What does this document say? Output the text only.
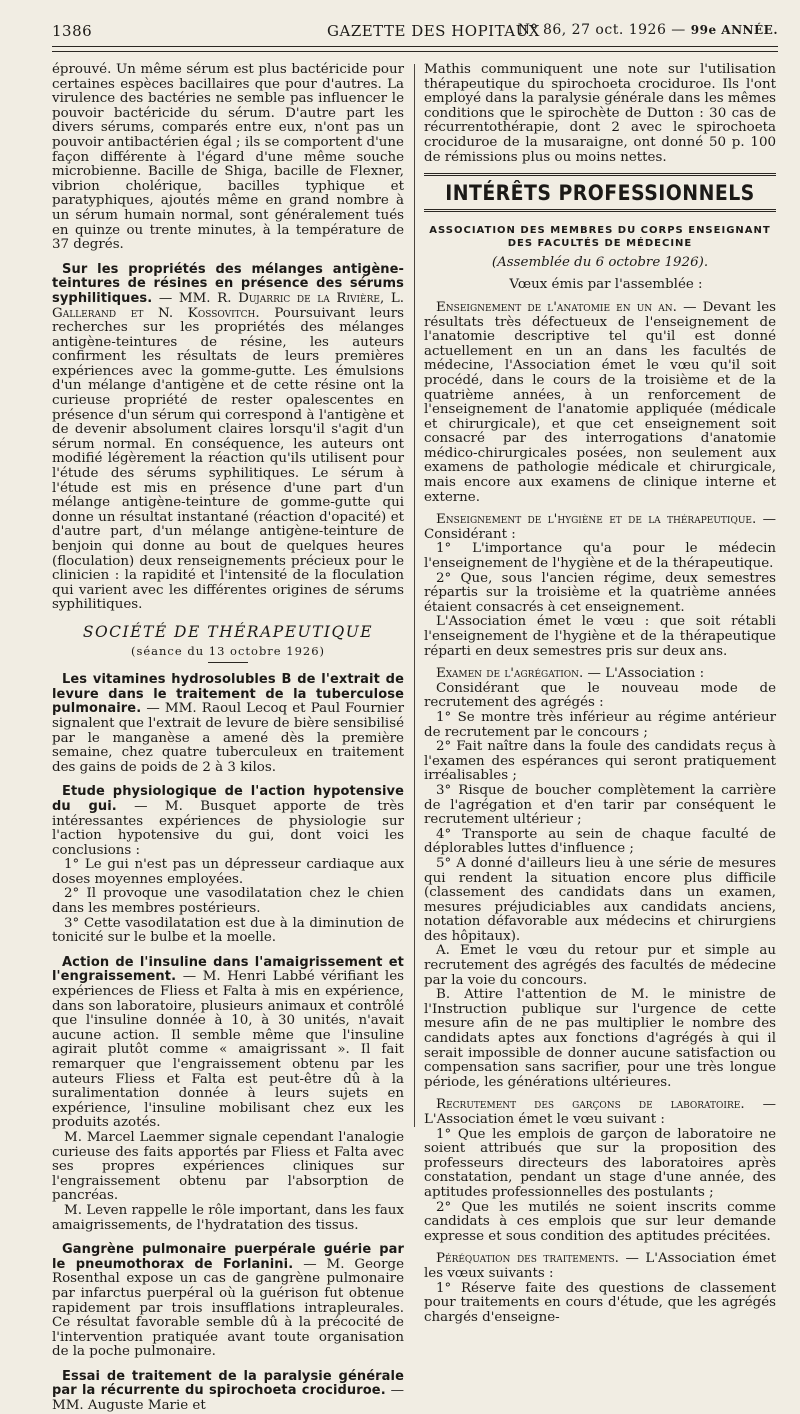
1386	GAZETTE DES HOPITAUX
N° 86, 27 oct. 1926 — 99e ANNÉE.

éprouvé. Un même sérum est plus bactéricide pour certaines espèces bacillaires que pour d'autres. La virulence des bactéries ne semble pas influencer le pouvoir bactéricide du sérum. D'autre part les divers sérums, comparés entre eux, n'ont pas un pouvoir antibactérien égal ; ils se comportent d'une façon différente à l'égard d'une même souche microbienne. Bacille de Shiga, bacille de Flexner, vibrion cholérique, bacilles typhique et paratyphiques, ajoutés même en grand nombre à un sérum humain normal, sont généralement tués en quinze ou trente minutes, à la température de 37 degrés.

Sur les propriétés des mélanges antigène-teintures de résines en présence des sérums syphilitiques. — MM. R. Dujarric de la Rivière, L. Gallerand et N. Kossovitch. Poursuivant leurs recherches sur les propriétés des mélanges antigène-teintures de résine, les auteurs confirment les résultats de leurs premières expériences avec la gomme-gutte. Les émulsions d'un mélange d'antigène et de cette résine ont la curieuse propriété de rester opalescentes en présence d'un sérum qui correspond à l'antigène et de devenir absolument claires lorsqu'il s'agit d'un sérum normal. En conséquence, les auteurs ont modifié légèrement la réaction qu'ils utilisent pour l'étude des sérums syphilitiques. Le sérum à l'étude est mis en présence d'une part d'un mélange antigène-teinture de gomme-gutte qui donne un résultat instantané (réaction d'opacité) et d'autre part, d'un mélange antigène-teinture de benjoin qui donne au bout de quelques heures (floculation) deux renseignements précieux pour le clinicien : la rapidité et l'intensité de la floculation qui varient avec les différentes origines de sérums syphilitiques.

SOCIÉTÉ DE THÉRAPEUTIQUE
(séance du 13 octobre 1926)

Les vitamines hydrosolubles B de l'extrait de levure dans le traitement de la tuberculose pulmonaire. — MM. Raoul Lecoq et Paul Fournier signalent que l'extrait de levure de bière sensibilisé par le manganèse a amené dès la première semaine, chez quatre tuberculeux en traitement des gains de poids de 2 à 3 kilos.

Etude physiologique de l'action hypotensive du gui. — M. Busquet apporte de très intéressantes expériences de physiologie sur l'action hypotensive du gui, dont voici les conclusions :

1° Le gui n'est pas un dépresseur cardiaque aux doses moyennes employées.

2° Il provoque une vasodilatation chez le chien dans les membres postérieurs.

3° Cette vasodilatation est due à la diminution de tonicité sur le bulbe et la moelle.

Action de l'insuline dans l'amaigrissement et l'engraissement. — M. Henri Labbé vérifiant les expériences de Fliess et Falta à mis en expérience, dans son laboratoire, plusieurs animaux et contrôlé que l'insuline donnée à 10, à 30 unités, n'avait aucune action. Il semble même que l'insuline agirait plutôt comme « amaigrissant ». Il fait remarquer que l'engraissement obtenu par les auteurs Fliess et Falta est peut-être dû à la suralimentation donnée à leurs sujets en expérience, l'insuline mobilisant chez eux les produits azotés.

M. Marcel Laemmer signale cependant l'analogie curieuse des faits apportés par Fliess et Falta avec ses propres expériences cliniques sur l'engraissement obtenu par l'absorption de pancréas.

M. Leven rappelle le rôle important, dans les faux amaigrissements, de l'hydratation des tissus.

Gangrène pulmonaire puerpérale guérie par le pneumothorax de Forlanini. — M. George Rosenthal expose un cas de gangrène pulmonaire par infarctus puerpéral où la guérison fut obtenue rapidement par trois insufflations intrapleurales. Ce résultat favorable semble dû à la précocité de l'intervention pratiquée avant toute organisation de la poche pulmonaire.

Essai de traitement de la paralysie générale par la récurrente du spirochoeta crociduroe. — MM. Auguste Marie et

Mathis communiquent une note sur l'utilisation thérapeutique du spirochoeta crociduroe. Ils l'ont employé dans la paralysie générale dans les mêmes conditions que le spirochète de Dutton : 30 cas de récurrentothérapie, dont 2 avec le spirochoeta crociduroe de la musaraigne, ont donné 50 p. 100 de rémissions plus ou moins nettes.

INTÉRÊTS PROFESSIONNELS
ASSOCIATION DES MEMBRES DU CORPS ENSEIGNANT DES FACULTÉS DE MÉDECINE
(Assemblée du 6 octobre 1926).

Vœux émis par l'assemblée :

Enseignement de l'anatomie en un an. — Devant les résultats très défectueux de l'enseignement de l'anatomie descriptive tel qu'il est donné actuellement en un an dans les facultés de médecine, l'Association émet le vœu qu'il soit procédé, dans le cours de la troisième et de la quatrième années, à un renforcement de l'enseignement de l'anatomie appliquée (médicale et chirurgicale), et que cet enseignement soit consacré par des interrogations d'anatomie médico-chirurgicales posées, non seulement aux examens de pathologie médicale et chirurgicale, mais encore aux examens de clinique interne et externe.

Enseignement de l'hygiène et de la thérapeutique. — Considérant :

1° L'importance qu'a pour le médecin l'enseignement de l'hygiène et de la thérapeutique.

2° Que, sous l'ancien régime, deux semestres répartis sur la troisième et la quatrième années étaient consacrés à cet enseignement.

L'Association émet le vœu : que soit rétabli l'enseignement de l'hygiène et de la thérapeutique réparti en deux semestres pris sur deux ans.

Examen de l'agrégation. — L'Association :

Considérant que le nouveau mode de recrutement des agrégés :

1° Se montre très inférieur au régime antérieur de recrutement par le concours ;

2° Fait naître dans la foule des candidats reçus à l'examen des espérances qui seront pratiquement irréalisables ;

3° Risque de boucher complètement la carrière de l'agrégation et d'en tarir par conséquent le recrutement ultérieur ;

4° Transporte au sein de chaque faculté de déplorables luttes d'influence ;

5° A donné d'ailleurs lieu à une série de mesures qui rendent la situation encore plus difficile (classement des candidats dans un examen, mesures préjudiciables aux candidats anciens, notation défavorable aux médecins et chirurgiens des hôpitaux).

A. Emet le vœu du retour pur et simple au recrutement des agrégés des facultés de médecine par la voie du concours.

B. Attire l'attention de M. le ministre de l'Instruction publique sur l'urgence de cette mesure afin de ne pas multiplier le nombre des candidats aptes aux fonctions d'agrégés à qui il serait impossible de donner aucune satisfaction ou compensation sans sacrifier, pour une très longue période, les générations ultérieures.

Recrutement des garçons de laboratoire. — L'Association émet le vœu suivant :

1° Que les emplois de garçon de laboratoire ne soient attribués que sur la proposition des professeurs directeurs des laboratoires après constatation, pendant un stage d'une année, des aptitudes professionnelles des postulants ;

2° Que les mutilés ne soient inscrits comme candidats à ces emplois que sur leur demande expresse et sous condition des aptitudes précitées.

Péréquation des traitements. — L'Association émet les vœux suivants :

1° Réserve faite des questions de classement pour traitements en cours d'étude, que les agrégés chargés d'enseigne-
